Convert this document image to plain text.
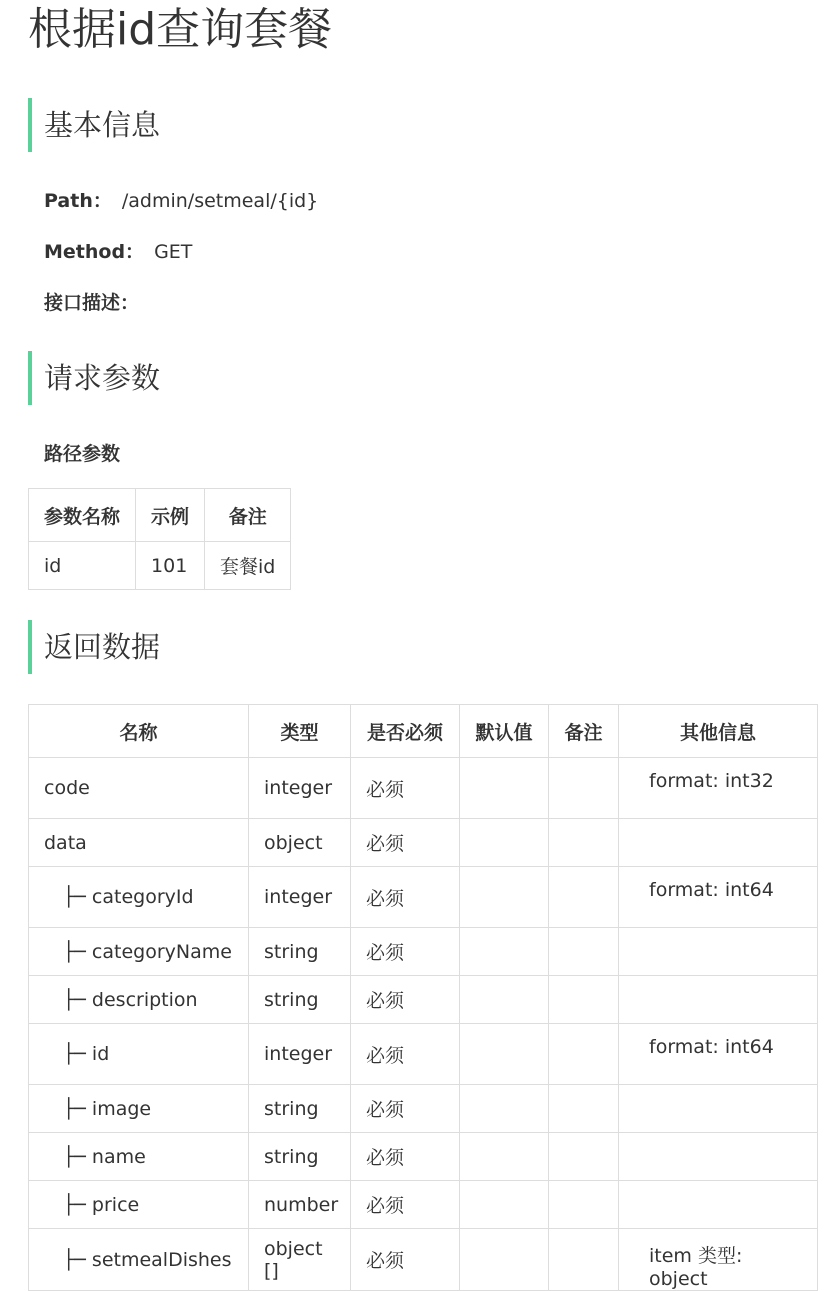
根据id查询套餐
基本信息
Path： /admin/setmeal/{id}
Method： GET
接口描述：
请求参数
路径参数
参数名称	示例	备注
id	101	套餐id
返回数据
名称	类型	是否必须	默认值	备注	其他信息
code	integer	必须			format: int32
data	object	必须			
├─ categoryId	integer	必须			format: int64
├─ categoryName	string	必须			
├─ description	string	必须			
├─ id	integer	必须			format: int64
├─ image	string	必须			
├─ name	string	必须			
├─ price	number	必须			
├─ setmealDishes	object []	必须			item 类型: object
